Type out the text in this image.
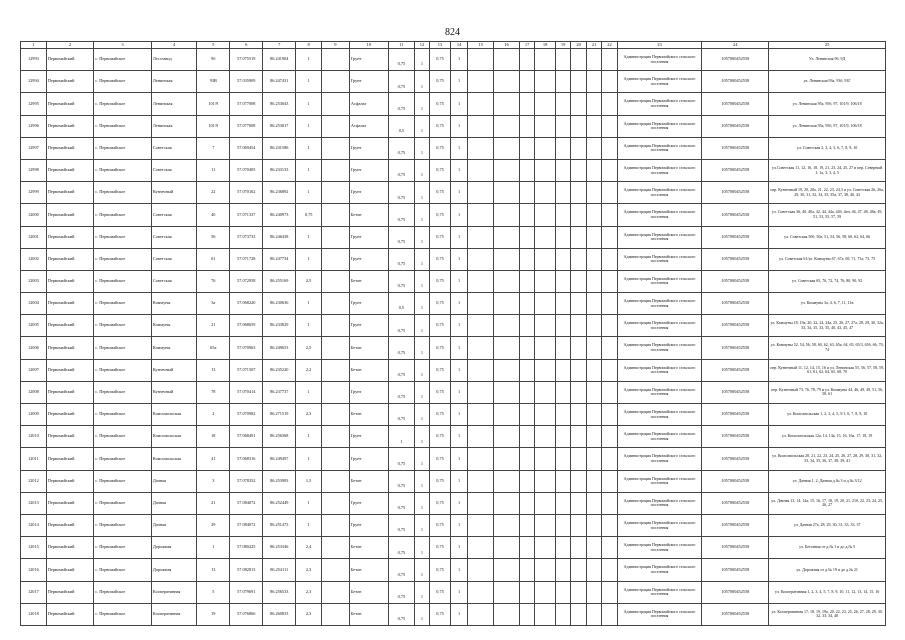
824
1	2	3	4	5	6	7	8	9	10	11	12	13	14	15	16	17	18	19	20	21	22	23	24	25
12993	Первомайский	с. Первомайское	Лесозавод	9б	57.075519	86.241904	1		Грунт	0,75	1	0,75	1									Администрация Первомайского сельского поселения	1057000452558	Ул. Ленинская 9б, 9Д
12994	Первомайский	с. Первомайское	Ленинская	93В	57.035909	86.247431	1		Грунт	0,75	1	0,75	1									Администрация Первомайского сельского поселения	1057000452558	ул. Ленинская 93а, 93б, 93Г
12995	Первомайский	с. Первомайское	Ленинская	101/9	57.077008	86.253043	1		Асфальт	0,75	1	0,75	1									Администрация Первомайского сельского поселения	1057000452558	ул. Ленинская 95а, 95б, 97, 101/9, 106/18
12996	Первомайский	с. Первомайское	Ленинская	101/9	57.077008	86.253017	1		Асфальт	0,5	1	0,75	1									Администрация Первомайского сельского поселения	1057000452558	ул. Ленинская 95а, 95б, 97, 101/9, 106/18
12997	Первомайский	с. Первомайское	Советская	7	57.069454	86.231586	1		Грунт	0,75	1	0,75	1									Администрация Первомайского сельского поселения	1057000452558	ул. Советская 2, 3, 4, 5, 6, 7, 8, 9, 10
12998	Первомайский	с. Первомайское	Советская	11	57.070405	86.233133	1		Грунт	0,75	1	0,75	1									Администрация Первомайского сельского поселения	1057000452558	ул.Советская 11, 12, 16, 18, 19, 21, 23, 24, 25, 27 и пер. Северный 1, 1а, 3, 3, 4, 5
12999	Первомайский	с. Первомайское	Кузнечный	22	57.070162	86.236892	1		Грунт	0,75	1	0,75	1									Администрация Первомайского сельского поселения	1057000452558	пер. Кузнечный 19, 20, 20а, 21, 22, 23, 24,3 и ул. Советская 26, 26а, 29, 30, 31, 32, 34, 35, 35а, 37, 38, 40, 43
12000	Первомайский	с. Первомайское	Советская	40	57.071337	86.240973	0,75		Бетон	0,75	1	0,75	1									Администрация Первомайского сельского поселения	1057000452558	ул. Советская 36, 40, 40а, 42, 44, 44а, 44б, 4ен, 46, 47, 48, 48а, 49, 51, 53, 55, 57, 59
12001	Первомайский	с. Первомайское	Советская	56	57.073733	86.246438	1		Грунт	0,75	1	0,75	1									Администрация Первомайского сельского поселения	1057000452558	ул. Советская 50б, 50а, 51, 54, 56, 58, 60, 62, 64, 66
12002	Первомайский	с. Первомайское	Советская	61	57.071728	86.247734	1		Грунт	0,75	1	0,75	1									Администрация Первомайского сельского поселения	1057000452558	ул. Советская 61/ул. Коммуны 67, 67а, 69, 71, 71а, 73, 75
12003	Первомайский	с. Первомайское	Советская	76	57.072958	86.255169	2,5		Бетон	0,75	1	0,75	1									Администрация Первомайского сельского поселения	1057000452558	ул. Советская 65, 76, 72, 74, 76, 80, 90, 92
12004	Первомайский	с. Первомайское	Коммуны	3а	57.068220	86.230636	1		Грунт	0,5	1	0,75	1									Администрация Первомайского сельского поселения	1057000452558	ул. Коммуны 3а, 4, 6, 7, 11, 11в
12005	Первомайский	с. Первомайское	Коммуны	21	57.068659	86.233829	1		Грунт	0,75	1	0,75	1									Администрация Первомайского сельского поселения	1057000452558	ул. Коммуны 18, 19а, 20, 22, 24, 24а, 25, 26, 27, 27а, 28, 29, 30, 32а, 33, 34, 35, 33, 35, 40, 43, 45, 47
12006	Первомайский	с. Первомайское	Коммуны	65а	57.070963	86.249653	2,5		Бетон	0,75	1	0,75	1									Администрация Первомайского сельского поселения	1057000452558	ул. Коммуны 52, 54, 56, 58, 60, 62, 63, 65а, 64, 65, 65/3, 65б, 66, 70, 74
12007	Первомайский	с. Первомайское	Кузнечный	13	57.071507	86.235220	2,2		Бетон	0,75	1	0,75	1									Администрация Первомайского сельского поселения	1057000452558	пер. Кузнечный 11, 12, 14, 15, 16 и ул. Ленинская 55, 56, 57, 58, 59, 61, 61, 62, 64, 65, 68, 70
12008	Первомайский	с. Первомайское	Кузнечный	78	57.070414	86.237737	1		Грунт	0,75	1	0,75	1									Администрация Первомайского сельского поселения	1057000452558	пер. Кузнечный 73, 76, 78, 79 и ул. Коммуны 44, 46, 49, 49, 51, 56, 58, 61
12009	Первомайский	с. Первомайское	Комсомольская	2	57.070982	86.271519	2,3		Бетон	0,75	1	0,75	1									Администрация Первомайского сельского поселения	1057000452558	ул. Комсомольская 1, 2, 3, 4, 5, 5/1, 6, 7, 8, 9, 10
12010	Первомайский	с. Первомайское	Комсомольская	18	57.068491	86.256368	1		Грунт	1	1	0,75	1									Администрация Первомайского сельского поселения	1057000452558	ул. Комсомольская 12а, 14, 14а, 15, 16, 16а, 17, 18, 19
12011	Первомайский	с. Первомайское	Комсомольская	41	57.068316	86.249497	1		Грунт	0,75	1	0,75	1									Администрация Первомайского сельского поселения	1057000452558	ул. Комсомольская 20, 21, 22, 23, 24, 25, 26, 27, 28, 29, 30, 31, 32, 33, 34, 35, 36, 37, 38, 39, 41
12012	Первомайский	с. Первомайское	Дачная	3	57.078352	86.253983	1,5		Бетон	0,75	1	0,75	1									Администрация Первомайского сельского поселения	1057000452558	ул. Дачная 1, 2, Дачная д.№ 3 и д.№ 3/12
12013	Первомайский	с. Первомайское	Дачная	21	57.084072	86.252449	1		Грунт	0,75	1	0,75	1									Администрация Первомайского сельского поселения	1057000452558	ул. Дачная 13, 14, 14а, 15, 16, 17, 18, 19, 20, 21, 21б, 22, 23, 24, 25, 26, 27
12014	Первомайский	с. Первомайское	Дачная	29	57.084072	86.251473	1		Грунт	0,75	1	0,75	1									Администрация Первомайского сельского поселения	1057000452558	ул. Дачная 27а, 28, 29, 30, 31, 33, 33, 37
12015	Первомайский	с. Первомайское	Дорожная	1	57.080225	86.253346	2,4		Бетон	0,75	1	0,75	1									Администрация Первомайского сельского поселения	1057000452558	ул. Бетонная от д.№ 1 и до д.№ 5
12016	Первомайский	с. Первомайское	Дорожная	13	57.082813	86.254111	2,3		Бетон	0,75	1	0,75	1									Администрация Первомайского сельского поселения	1057000452558	ул. Дорожная от д.№ 19 и до д.№ 21
12017	Первомайский	с. Первомайское	Кооперативная	5	57.079691	86.256533	2,3		Бетон	0,75	1	0,75	1									Администрация Первомайского сельского поселения	1057000452558	ул. Кооперативная 1, 2, 3, 4, 5, 7, 8, 9, 10, 11, 12, 13, 14, 15, 16
12018	Первомайский	с. Первомайское	Кооперативная	19	57.076866	86.260833	2,3		Бетон	0,75	1	0,75	1									Администрация Первомайского сельского поселения	1057000452558	ул. Кооперативная 17, 18, 19, 19а, 20, 22, 23, 25, 26, 27, 28, 29, 30, 32, 33, 34, 40
